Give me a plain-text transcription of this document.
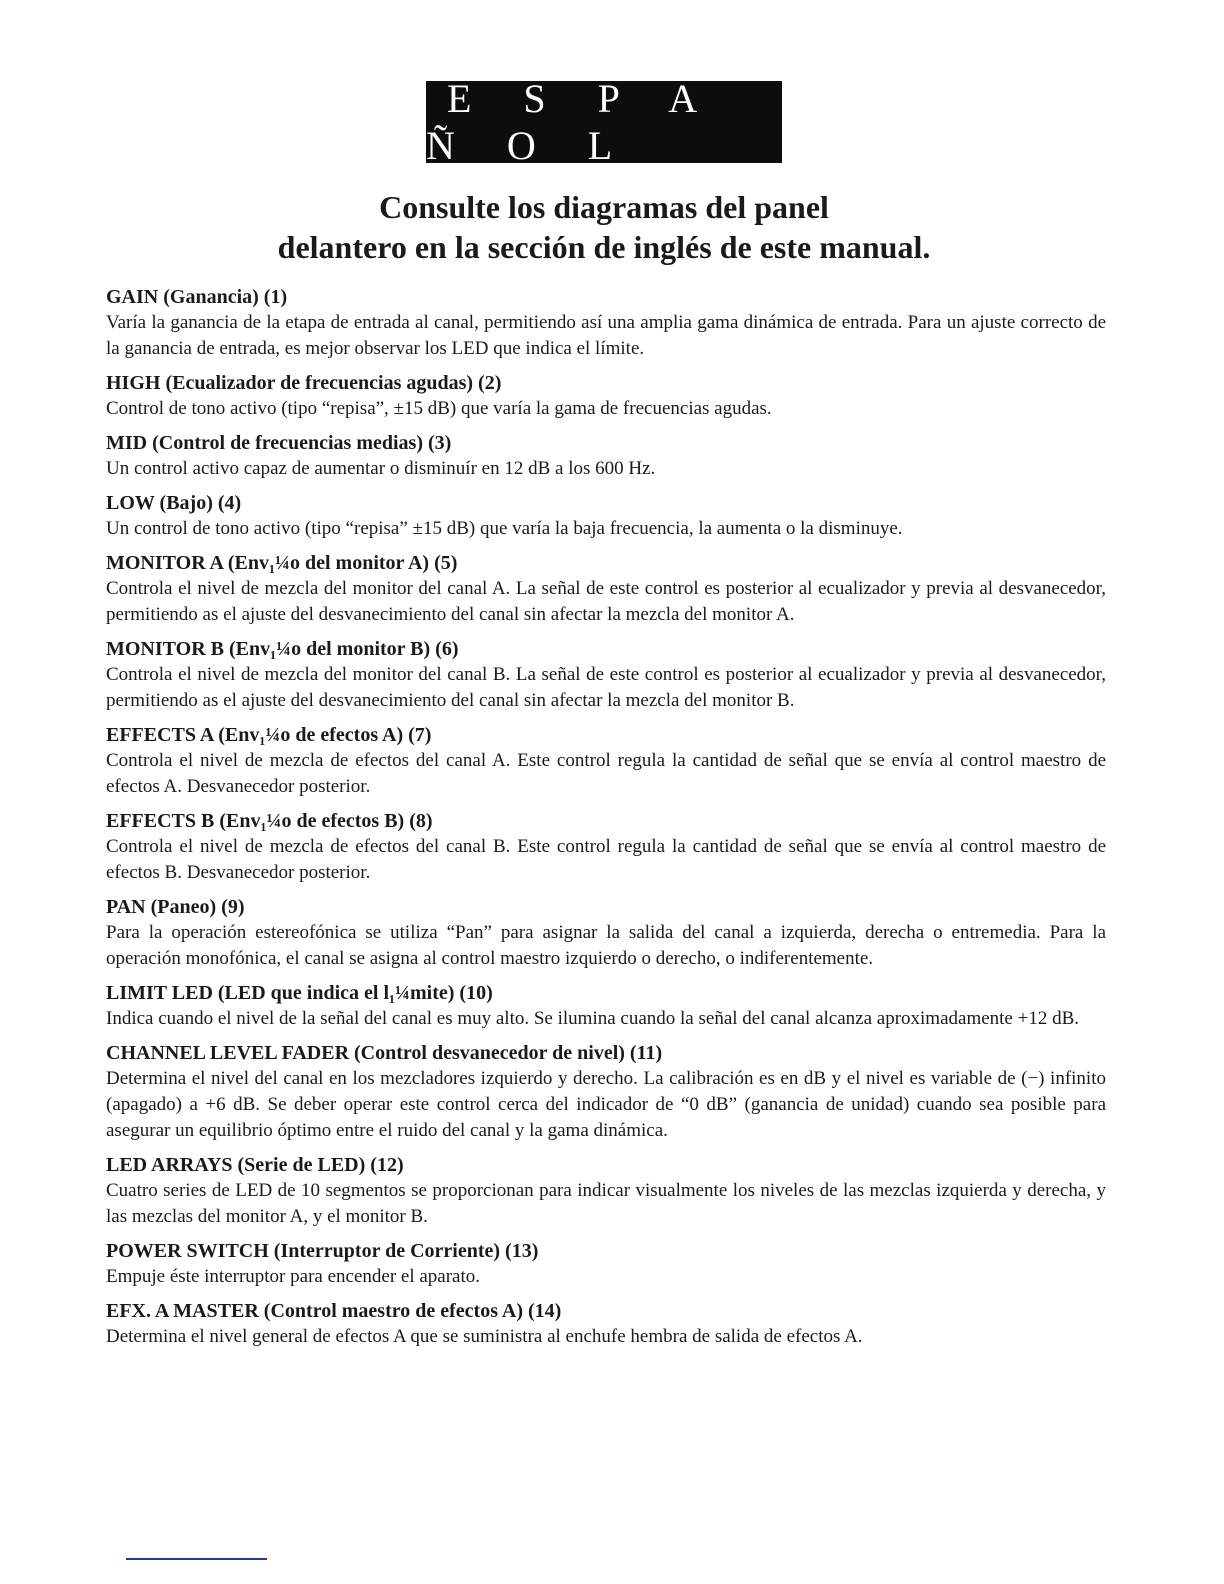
E S P A Ñ O L
Consulte los diagramas del panel
delantero en la sección de inglés de este manual.

GAIN (Ganancia) (1)

Varía la ganancia de la etapa de entrada al canal, permitiendo así una amplia gama dinámica de entrada. Para un ajuste correcto de la ganancia de entrada, es mejor observar los LED que indica el límite.

HIGH (Ecualizador de frecuencias agudas) (2)

Control de tono activo (tipo “repisa”, ±15 dB) que varía la gama de frecuencias agudas.

MID (Control de frecuencias medias) (3)

Un control activo capaz de aumentar o disminuír en 12 dB a los 600 Hz.

LOW (Bajo) (4)

Un control de tono activo (tipo “repisa” ±15 dB) que varía la baja frecuencia, la aumenta o la disminuye.

MONITOR A (Env₁¼o del monitor A) (5)

Controla el nivel de mezcla del monitor del canal A. La señal de este control es posterior al ecualizador y previa al desvanecedor, permitiendo as el ajuste del desvanecimiento del canal sin afectar la mezcla del monitor A.

MONITOR B (Env₁¼o del monitor B) (6)

Controla el nivel de mezcla del monitor del canal B. La señal de este control es posterior al ecualizador y previa al desvanecedor, permitiendo as el ajuste del desvanecimiento del canal sin afectar la mezcla del monitor B.

EFFECTS A (Env₁¼o de efectos A) (7)

Controla el nivel de mezcla de efectos del canal A. Este control regula la cantidad de señal que se envía al control maestro de efectos A. Desvanecedor posterior.

EFFECTS B (Env₁¼o de efectos B) (8)

Controla el nivel de mezcla de efectos del canal B. Este control regula la cantidad de señal que se envía al control maestro de efectos B. Desvanecedor posterior.

PAN (Paneo) (9)

Para la operación estereofónica se utiliza “Pan” para asignar la salida del canal a izquierda, derecha o entremedia. Para la operación monofónica, el canal se asigna al control maestro izquierdo o derecho, o indiferentemente.

LIMIT LED (LED que indica el l₁¼mite) (10)

Indica cuando el nivel de la señal del canal es muy alto. Se ilumina cuando la señal del canal alcanza aproximadamente +12 dB.

CHANNEL LEVEL FADER (Control desvanecedor de nivel) (11)

Determina el nivel del canal en los mezcladores izquierdo y derecho. La calibración es en dB y el nivel es variable de (−) infinito (apagado) a +6 dB. Se deber operar este control cerca del indicador de “0 dB” (ganancia de unidad) cuando sea posible para asegurar un equilibrio óptimo entre el ruido del canal y la gama dinámica.

LED ARRAYS (Serie de LED) (12)

Cuatro series de LED de 10 segmentos se proporcionan para indicar visualmente los niveles de las mezclas izquierda y derecha, y las mezclas del monitor A, y el monitor B.

POWER SWITCH (Interruptor de Corriente) (13)

Empuje éste interruptor para encender el aparato.

EFX. A MASTER (Control maestro de efectos A) (14)

Determina el nivel general de efectos A que se suministra al enchufe hembra de salida de efectos A.
